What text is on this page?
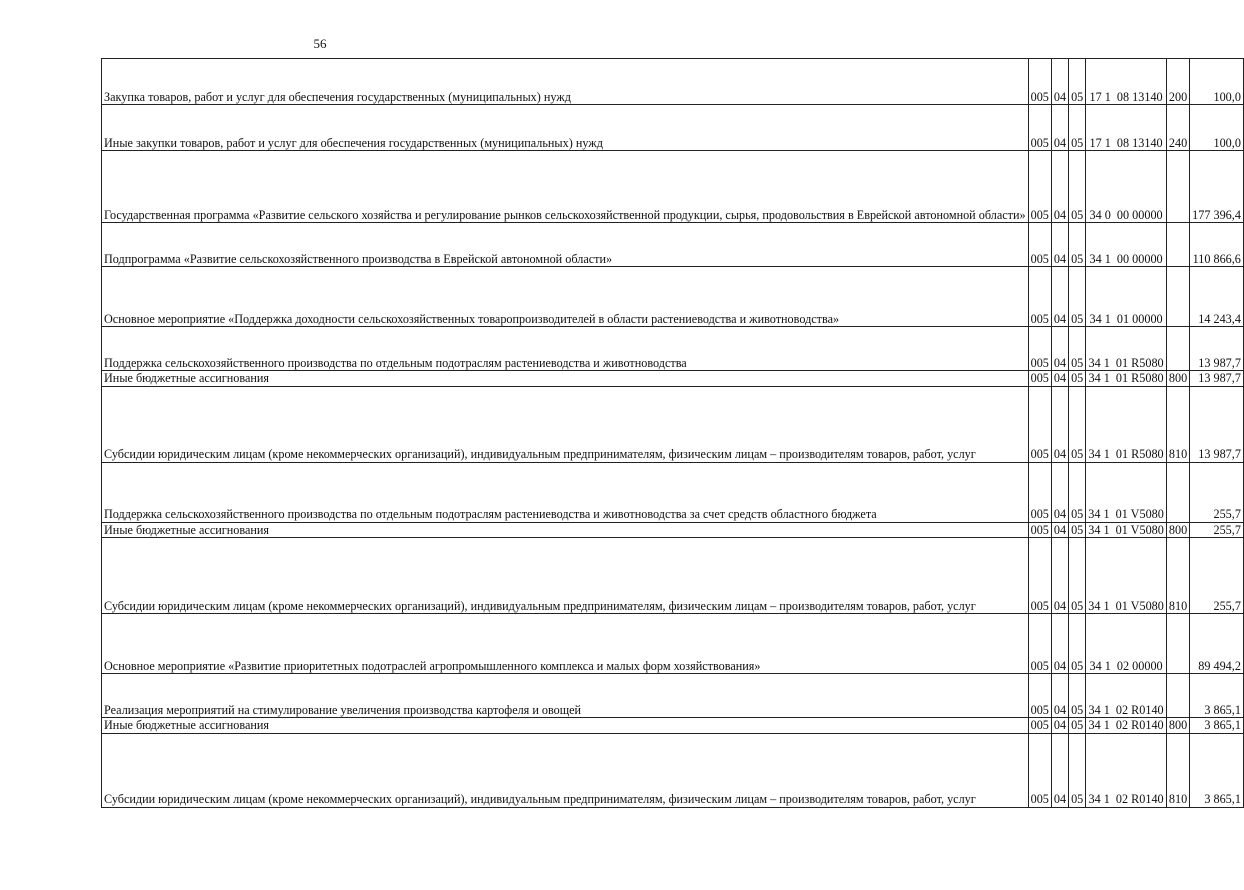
56
Закупка товаров, работ и услуг для обеспечения государственных (муниципальных) нужд	005	04	05	17 1  08 13140	200	100,0
Иные закупки товаров, работ и услуг для обеспечения государственных (муниципальных) нужд	005	04	05	17 1  08 13140	240	100,0
Государственная программа «Развитие сельского хозяйства и регулирование рынков сельскохозяйственной продукции, сырья, продовольствия в Еврейской автономной области»	005	04	05	34 0  00 00000		177 396,4
Подпрограмма «Развитие сельскохозяйственного производства в Еврейской автономной области»	005	04	05	34 1  00 00000		110 866,6
Основное мероприятие «Поддержка доходности сельскохозяйственных товаропроизводителей в области растениеводства и животноводства»	005	04	05	34 1  01 00000		14 243,4
Поддержка сельскохозяйственного производства по отдельным подотраслям растениеводства и животноводства	005	04	05	34 1  01 R5080		13 987,7
Иные бюджетные ассигнования	005	04	05	34 1  01 R5080	800	13 987,7
Субсидии юридическим лицам (кроме некоммерческих организаций), индивидуальным предпринимателям, физическим лицам – производителям товаров, работ, услуг	005	04	05	34 1  01 R5080	810	13 987,7
Поддержка сельскохозяйственного производства по отдельным подотраслям растениеводства и животноводства за счет средств областного бюджета	005	04	05	34 1  01 V5080		255,7
Иные бюджетные ассигнования	005	04	05	34 1  01 V5080	800	255,7
Субсидии юридическим лицам (кроме некоммерческих организаций), индивидуальным предпринимателям, физическим лицам – производителям товаров, работ, услуг	005	04	05	34 1  01 V5080	810	255,7
Основное мероприятие «Развитие приоритетных подотраслей агропромышленного комплекса и малых форм хозяйствования»	005	04	05	34 1  02 00000		89 494,2
Реализация мероприятий на стимулирование увеличения производства картофеля и овощей	005	04	05	34 1  02 R0140		3 865,1
Иные бюджетные ассигнования	005	04	05	34 1  02 R0140	800	3 865,1
Субсидии юридическим лицам (кроме некоммерческих организаций), индивидуальным предпринимателям, физическим лицам – производителям товаров, работ, услуг	005	04	05	34 1  02 R0140	810	3 865,1
